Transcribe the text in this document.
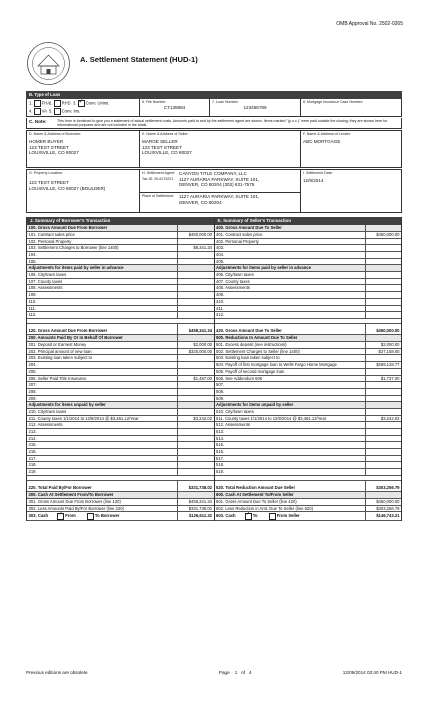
OMB Approval No. 2502-0265
A. Settlement Statement (HUD-1)
B. Type of Loan
1. FHA
2. RHS 3. ✓Conv. Unins.
4. VA 5. Conv. Ins.
6. File Number:
CT135884
7. Loan Number:
123456789
8. Mortgage Insurance Case Number:
C. Note:	This form is furnished to give you a statement of actual settlement costs. Amounts paid to and by the settlement agent are shown. Items marked "(p.o.c.)" were paid outside the closing; they are shown here for informational purposes and are not included in the totals.
D. Name & Address of Borrower:
HOMER BUYER
123 TEST STREET
LOUISVILLE, CO 80027
E. Name & Address of Seller:
MARGE SELLER
123 TEST STREET
LOUISVILLE, CO 80027
F. Name & Address of Lender:
ABC MORTGAGE
G. Property Location:
123 TEST STREET
LOUISVILLE, CO 80027 (BOULDER)
H. Settlement Agent:
Tax ID: 20-6175221
CANYON TITLE COMPANY, LLC
1127 AURARIA PARKWAY, SUITE 101,
DENVER, CO 80204 (303) 831-7575
Place of Settlement:	1127 AURARIA PARKWAY, SUITE 101,
DENVER, CO 80204
I. Settlement Date:
12/9/2014
J. Summary of Borrower's Transaction
100. Gross Amount Due From Borrower
101. Contract sales price	$450,000.00
102. Personal Property
103. Settlement Charges to Borrower (line 1400)	$8,341.34
104.
105.
Adjustments for items paid by seller in advance
106. City/town taxes
107. County taxes
108. Assessments
109.
110.
111.
112.
120. Gross Amount Due From Borrower	$458,341.34
200. Amounts Paid By Or In Behalf Of Borrower
201. Deposit or Earnest Money	$2,000.00
202. Principal amount of new loan	$325,000.00
203. Existing loan taken subject to
204.
205.
206. Seller Paid Title Insurance	$1,487.00
207.
208.
209.
Adjustments for items unpaid by seller
210. City/town taxes
211. County taxes 1/1/2014 to 12/9/2014 @ $3,461.12/Year	$3,242.02
212. Assessments
213.
214.
215.
216.
217.
218.
219.
220. Total Paid By/For Borrower	$331,738.02
300. Cash At Settlement From/To Borrower
301. Gross Amount Due From Borrower (line 120)	$458,341.34
302. Less Amounts Paid By/For Borrower (line 220)	$331,738.02
303. Cash ✓	From	To Borrower	$126,611.32
K. Summary of Seller's Transaction
400. Gross Amount Due To Seller
401. Contract sales price	$450,000.00
402. Personal Property
403.
404.
405.
Adjustments for items paid by seller in advance
406. City/town taxes
407. County taxes
408. Assessments
409.
410.
411.
412.
420. Gross Amount Due To Seller	$450,000.00
500. Reductions In Amount Due To Seller
501. Excess deposit (see instructions)	$2,000.00
502. Settlement Charges to Seller (line 1400)	$27,158.00
503. Existing loan taken subject to
504. Payoff of first mortgage loan to Wells Fargo Home Mortgage	$289,128.77
505. Payoff of second mortgage loan
506. See Addendum 506	$1,737.00
507.
508.
509.
Adjustments for items unpaid by seller
510. City/town taxes
511. County taxes 1/1/2014 to 12/9/2014 @ $3,461.12/Year	$3,242.02
512. Assessments
513.
514.
515.
516.
517.
518.
519.
520. Total Reduction Amount Due Seller	$303,256.79
600. Cash At Settlement To/From Seller
601. Gross Amount Due To Seller (line 420)	$450,000.00
602. Less Reduction in Amt. Due To Seller (line 520)	$303,256.79
603. Cash ✓	To	From Seller	$146,743.21
Previous editions are obsolete	Page 1 of 4	12/09/2014 03:40 PM HUD-1
